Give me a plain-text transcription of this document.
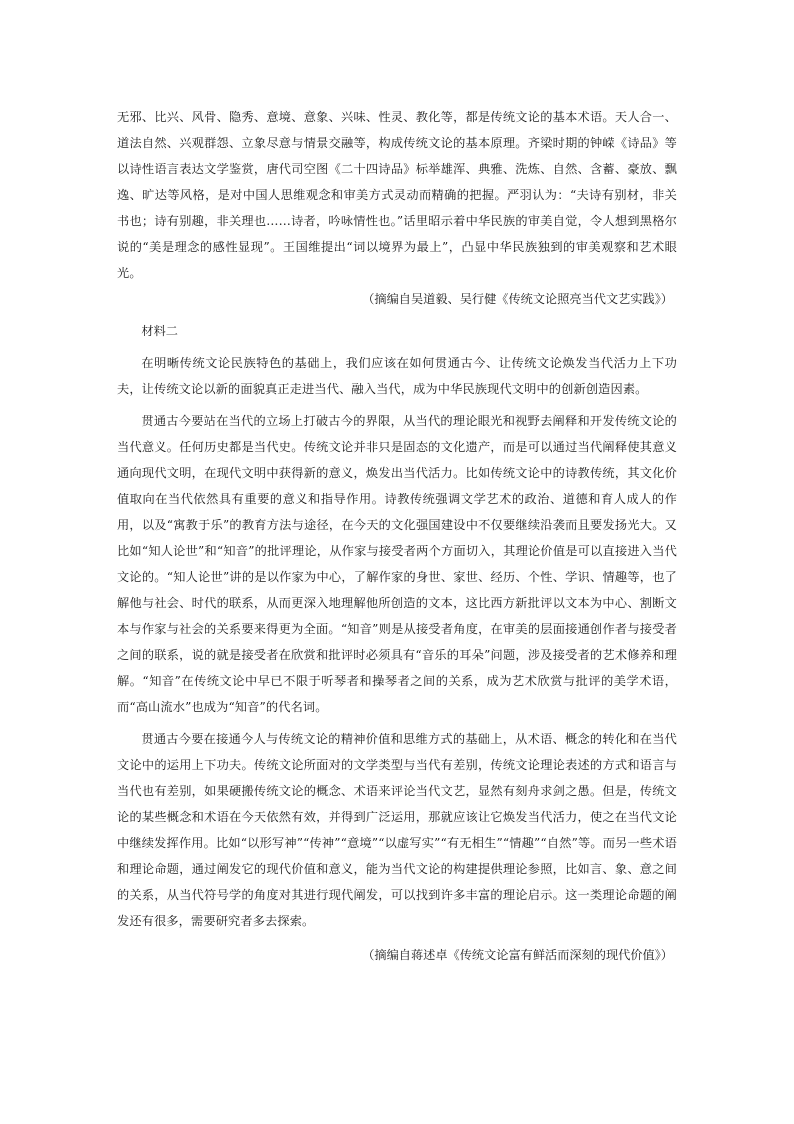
无邪、比兴、风骨、隐秀、意境、意象、兴味、性灵、教化等，都是传统文论的基本术语。天人合一、道法自然、兴观群怨、立象尽意与情景交融等，构成传统文论的基本原理。齐梁时期的钟嵘《诗品》等以诗性语言表达文学鉴赏，唐代司空图《二十四诗品》标举雄浑、典雅、洗炼、自然、含蓄、豪放、飘逸、旷达等风格，是对中国人思维观念和审美方式灵动而精确的把握。严羽认为：“夫诗有别材，非关书也；诗有别趣，非关理也……诗者，吟咏情性也。”话里昭示着中华民族的审美自觉，令人想到黑格尔说的“美是理念的感性显现”。王国维提出“词以境界为最上”，凸显中华民族独到的审美观察和艺术眼光。

（摘编自吴道毅、吴行健《传统文论照亮当代文艺实践》）

材料二

在明晰传统文论民族特色的基础上，我们应该在如何贯通古今、让传统文论焕发当代活力上下功夫，让传统文论以新的面貌真正走进当代、融入当代，成为中华民族现代文明中的创新创造因素。

贯通古今要站在当代的立场上打破古今的界限，从当代的理论眼光和视野去阐释和开发传统文论的当代意义。任何历史都是当代史。传统文论并非只是固态的文化遗产，而是可以通过当代阐释使其意义通向现代文明，在现代文明中获得新的意义，焕发出当代活力。比如传统文论中的诗教传统，其文化价值取向在当代依然具有重要的意义和指导作用。诗教传统强调文学艺术的政治、道德和育人成人的作用，以及“寓教于乐”的教育方法与途径，在今天的文化强国建设中不仅要继续沿袭而且要发扬光大。又比如“知人论世”和“知音”的批评理论，从作家与接受者两个方面切入，其理论价值是可以直接进入当代文论的。“知人论世”讲的是以作家为中心，了解作家的身世、家世、经历、个性、学识、情趣等，也了解他与社会、时代的联系，从而更深入地理解他所创造的文本，这比西方新批评以文本为中心、割断文本与作家与社会的关系要来得更为全面。“知音”则是从接受者角度，在审美的层面接通创作者与接受者之间的联系，说的就是接受者在欣赏和批评时必须具有“音乐的耳朵”问题，涉及接受者的艺术修养和理解。“知音”在传统文论中早已不限于听琴者和操琴者之间的关系，成为艺术欣赏与批评的美学术语，而“高山流水”也成为“知音”的代名词。

贯通古今要在接通今人与传统文论的精神价值和思维方式的基础上，从术语、概念的转化和在当代文论中的运用上下功夫。传统文论所面对的文学类型与当代有差别，传统文论理论表述的方式和语言与当代也有差别，如果硬搬传统文论的概念、术语来评论当代文艺，显然有刻舟求剑之愚。但是，传统文论的某些概念和术语在今天依然有效，并得到广泛运用，那就应该让它焕发当代活力，使之在当代文论中继续发挥作用。比如“以形写神”“传神”“意境”“以虚写实”“有无相生”“情趣”“自然”等。而另一些术语和理论命题，通过阐发它的现代价值和意义，能为当代文论的构建提供理论参照，比如言、象、意之间的关系，从当代符号学的角度对其进行现代阐发，可以找到许多丰富的理论启示。这一类理论命题的阐发还有很多，需要研究者多去探索。

（摘编自蒋述卓《传统文论富有鲜活而深刻的现代价值》）
